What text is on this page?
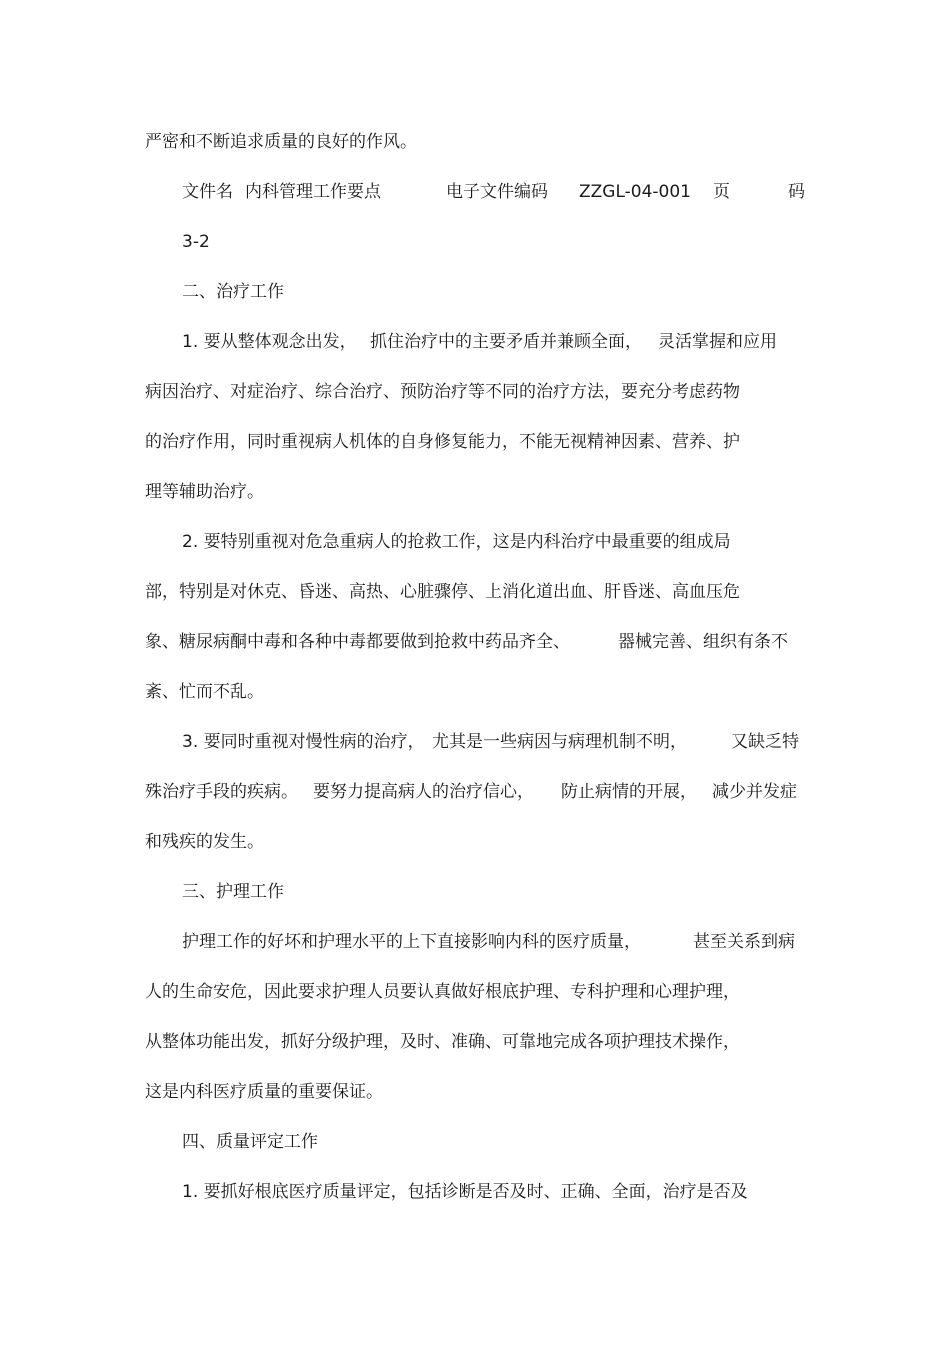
严密和不断追求质量的良好的作风。
文件名 内科管理工作要点	电子文件编码 ZZGL-04-001 页	码
3-2
二、治疗工作
1. 要从整体观念出发， 抓住治疗中的主要矛盾并兼顾全面， 灵活掌握和应用
病因治疗、对症治疗、综合治疗、预防治疗等不同的治疗方法，要充分考虑药物
的治疗作用，同时重视病人机体的自身修复能力，不能无视精神因素、营养、护
理等辅助治疗。
2. 要特别重视对危急重病人的抢救工作，这是内科治疗中最重要的组成局
部，特别是对休克、昏迷、高热、心脏骤停、上消化道出血、肝昏迷、高血压危
象、糖尿病酮中毒和各种中毒都要做到抢救中药品齐全、	器械完善、组织有条不
紊、忙而不乱。
3. 要同时重视对慢性病的治疗， 尤其是一些病因与病理机制不明，	又缺乏特
殊治疗手段的疾病。 要努力提高病人的治疗信心， 防止病情的开展， 减少并发症
和残疾的发生。
三、护理工作
护理工作的好坏和护理水平的上下直接影响内科的医疗质量，	甚至关系到病
人的生命安危，因此要求护理人员要认真做好根底护理、专科护理和心理护理，
从整体功能出发，抓好分级护理，及时、准确、可靠地完成各项护理技术操作，
这是内科医疗质量的重要保证。
四、质量评定工作
1. 要抓好根底医疗质量评定，包括诊断是否及时、正确、全面，治疗是否及
